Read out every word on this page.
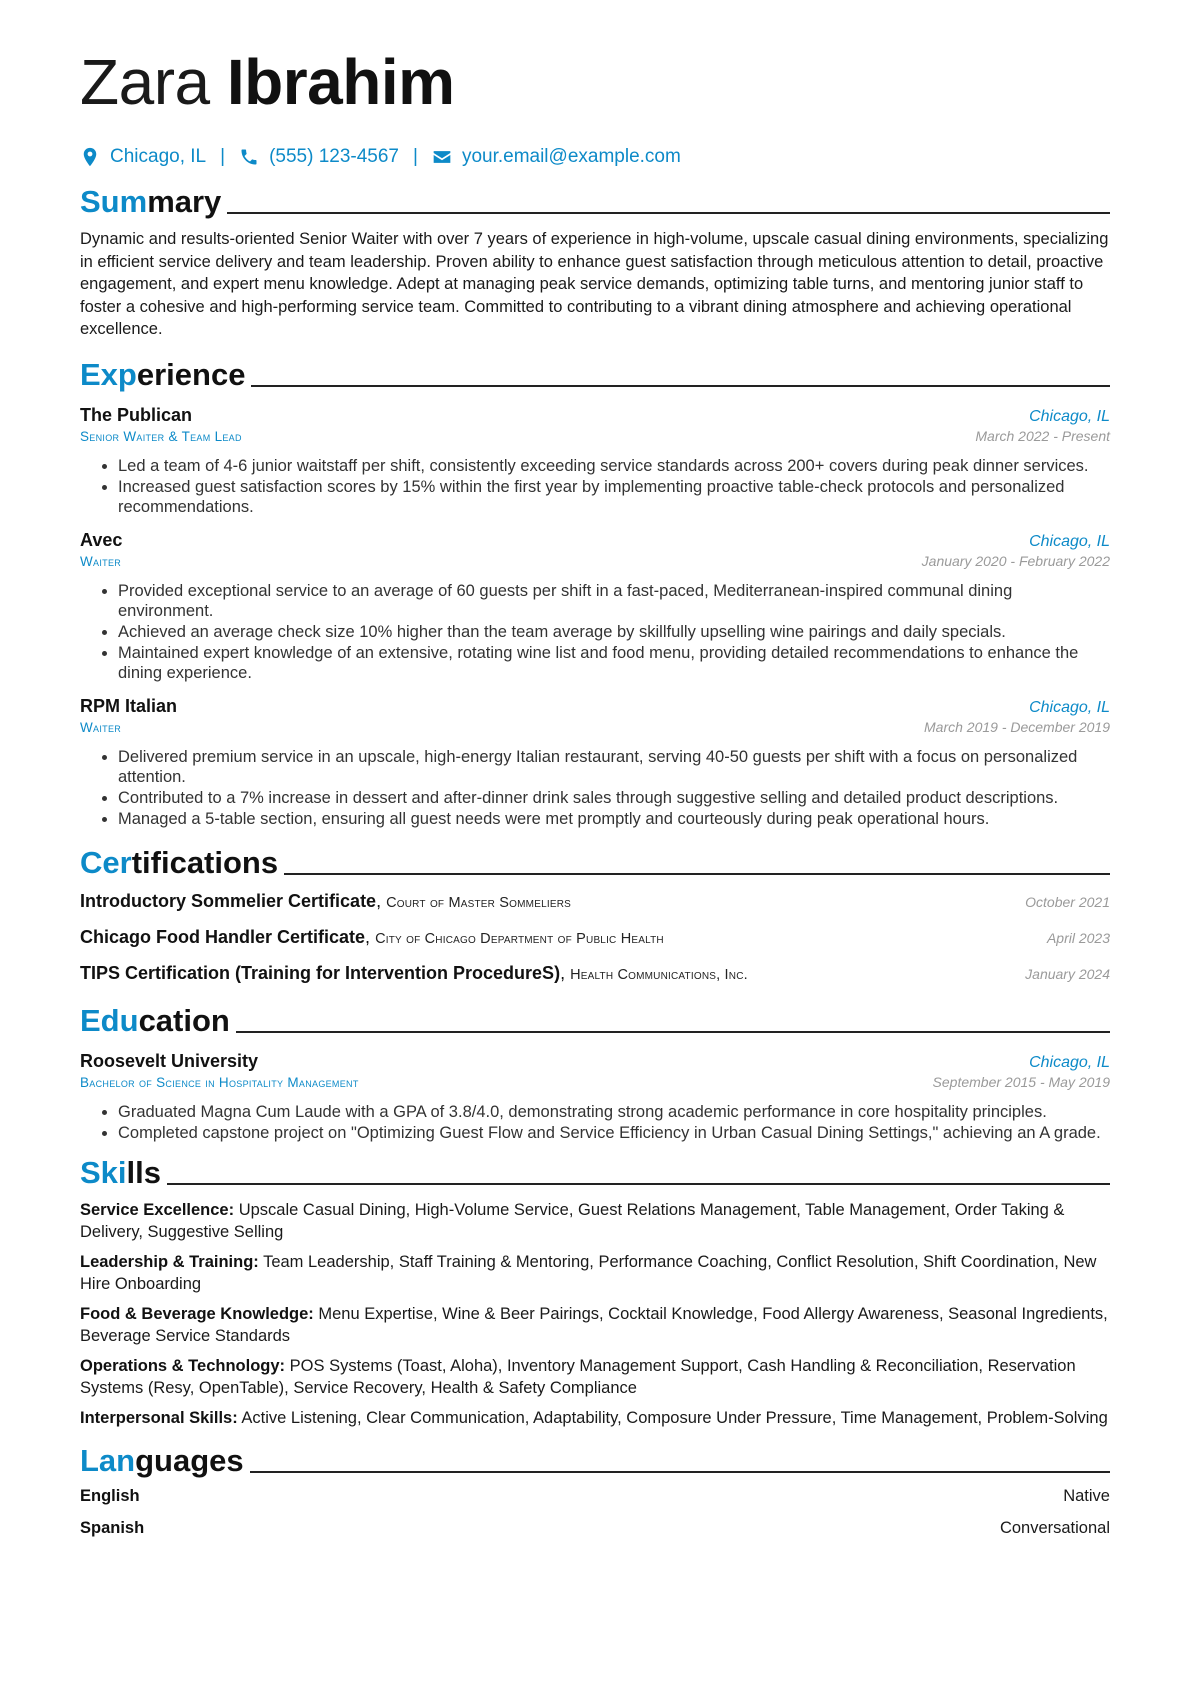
Zara Ibrahim
Chicago, IL | (555) 123-4567 | your.email@example.com
Summary

Dynamic and results-oriented Senior Waiter with over 7 years of experience in high-volume, upscale casual dining environments, specializing in efficient service delivery and team leadership. Proven ability to enhance guest satisfaction through meticulous attention to detail, proactive engagement, and expert menu knowledge. Adept at managing peak service demands, optimizing table turns, and mentoring junior staff to foster a cohesive and high-performing service team. Committed to contributing to a vibrant dining atmosphere and achieving operational excellence.

Experience
The Publican	Chicago, IL
Senior Waiter & Team Lead	March 2022 - Present
• Led a team of 4-6 junior waitstaff per shift, consistently exceeding service standards across 200+ covers during peak dinner services.
• Increased guest satisfaction scores by 15% within the first year by implementing proactive table-check protocols and personalized recommendations.
Avec	Chicago, IL
Waiter	January 2020 - February 2022
• Provided exceptional service to an average of 60 guests per shift in a fast-paced, Mediterranean-inspired communal dining environment.
• Achieved an average check size 10% higher than the team average by skillfully upselling wine pairings and daily specials.
• Maintained expert knowledge of an extensive, rotating wine list and food menu, providing detailed recommendations to enhance the dining experience.
RPM Italian	Chicago, IL
Waiter	March 2019 - December 2019
• Delivered premium service in an upscale, high-energy Italian restaurant, serving 40-50 guests per shift with a focus on personalized attention.
• Contributed to a 7% increase in dessert and after-dinner drink sales through suggestive selling and detailed product descriptions.
• Managed a 5-table section, ensuring all guest needs were met promptly and courteously during peak operational hours.
Certifications
Introductory Sommelier Certificate, Court of Master Sommeliers	October 2021
Chicago Food Handler Certificate, City of Chicago Department of Public Health	April 2023
TIPS Certification (Training for Intervention ProcedureS), Health Communications, Inc.	January 2024
Education
Roosevelt University	Chicago, IL
Bachelor of Science in Hospitality Management	September 2015 - May 2019
• Graduated Magna Cum Laude with a GPA of 3.8/4.0, demonstrating strong academic performance in core hospitality principles.
• Completed capstone project on "Optimizing Guest Flow and Service Efficiency in Urban Casual Dining Settings," achieving an A grade.
Skills
Service Excellence: Upscale Casual Dining, High-Volume Service, Guest Relations Management, Table Management, Order Taking & Delivery, Suggestive Selling
Leadership & Training: Team Leadership, Staff Training & Mentoring, Performance Coaching, Conflict Resolution, Shift Coordination, New Hire Onboarding
Food & Beverage Knowledge: Menu Expertise, Wine & Beer Pairings, Cocktail Knowledge, Food Allergy Awareness, Seasonal Ingredients, Beverage Service Standards
Operations & Technology: POS Systems (Toast, Aloha), Inventory Management Support, Cash Handling & Reconciliation, Reservation Systems (Resy, OpenTable), Service Recovery, Health & Safety Compliance
Interpersonal Skills: Active Listening, Clear Communication, Adaptability, Composure Under Pressure, Time Management, Problem-Solving
Languages
English	Native
Spanish	Conversational
